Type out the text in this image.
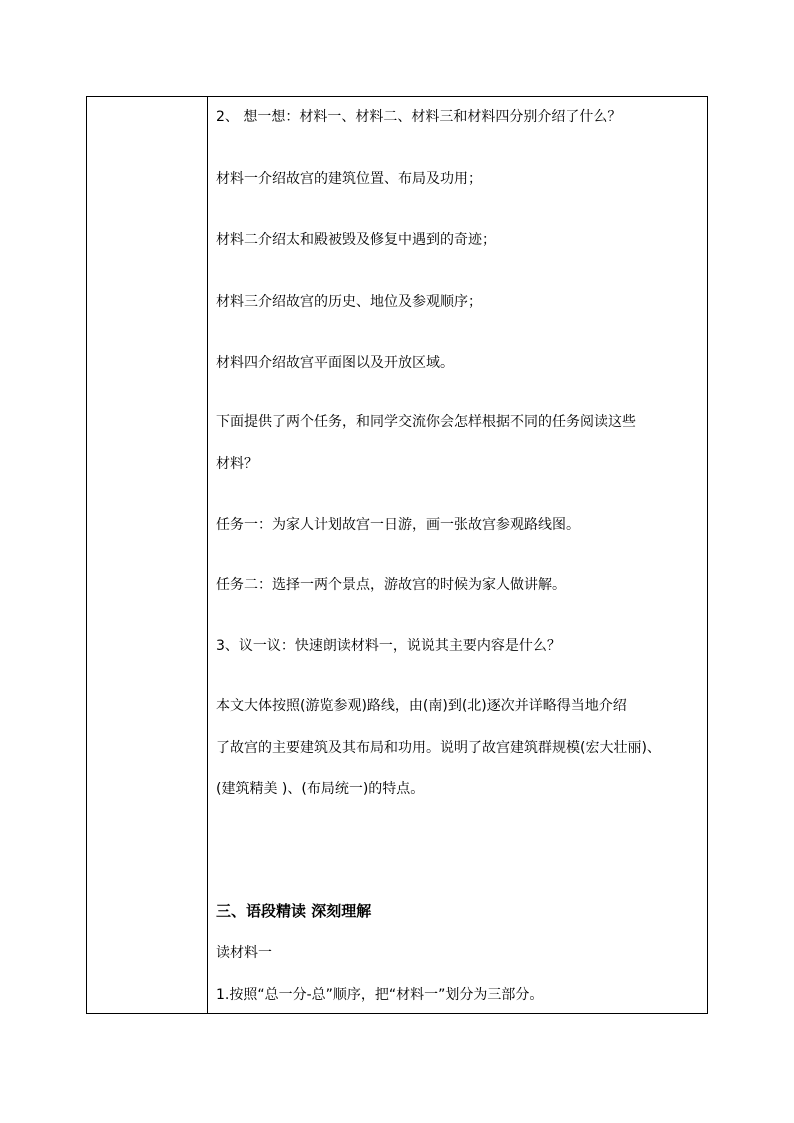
2、 想一想：材料一、材料二、材料三和材料四分别介绍了什么？
材料一介绍故宫的建筑位置、布局及功用；
材料二介绍太和殿被毁及修复中遇到的奇迹；
材料三介绍故宫的历史、地位及参观顺序；
材料四介绍故宫平面图以及开放区域。
下面提供了两个任务，和同学交流你会怎样根据不同的任务阅读这些
材料？
任务一：为家人计划故宫一日游，画一张故宫参观路线图。
任务二：选择一两个景点，游故宫的时候为家人做讲解。
3、议一议：快速朗读材料一，说说其主要内容是什么？
本文大体按照(游览参观)路线，由(南)到(北)逐次并详略得当地介绍
了故宫的主要建筑及其布局和功用。说明了故宫建筑群规模(宏大壮丽)、
(建筑精美 )、(布局统一)的特点。
三、语段精读 深刻理解
读材料一
1.按照“总一分-总”顺序，把“材料一”划分为三部分。
